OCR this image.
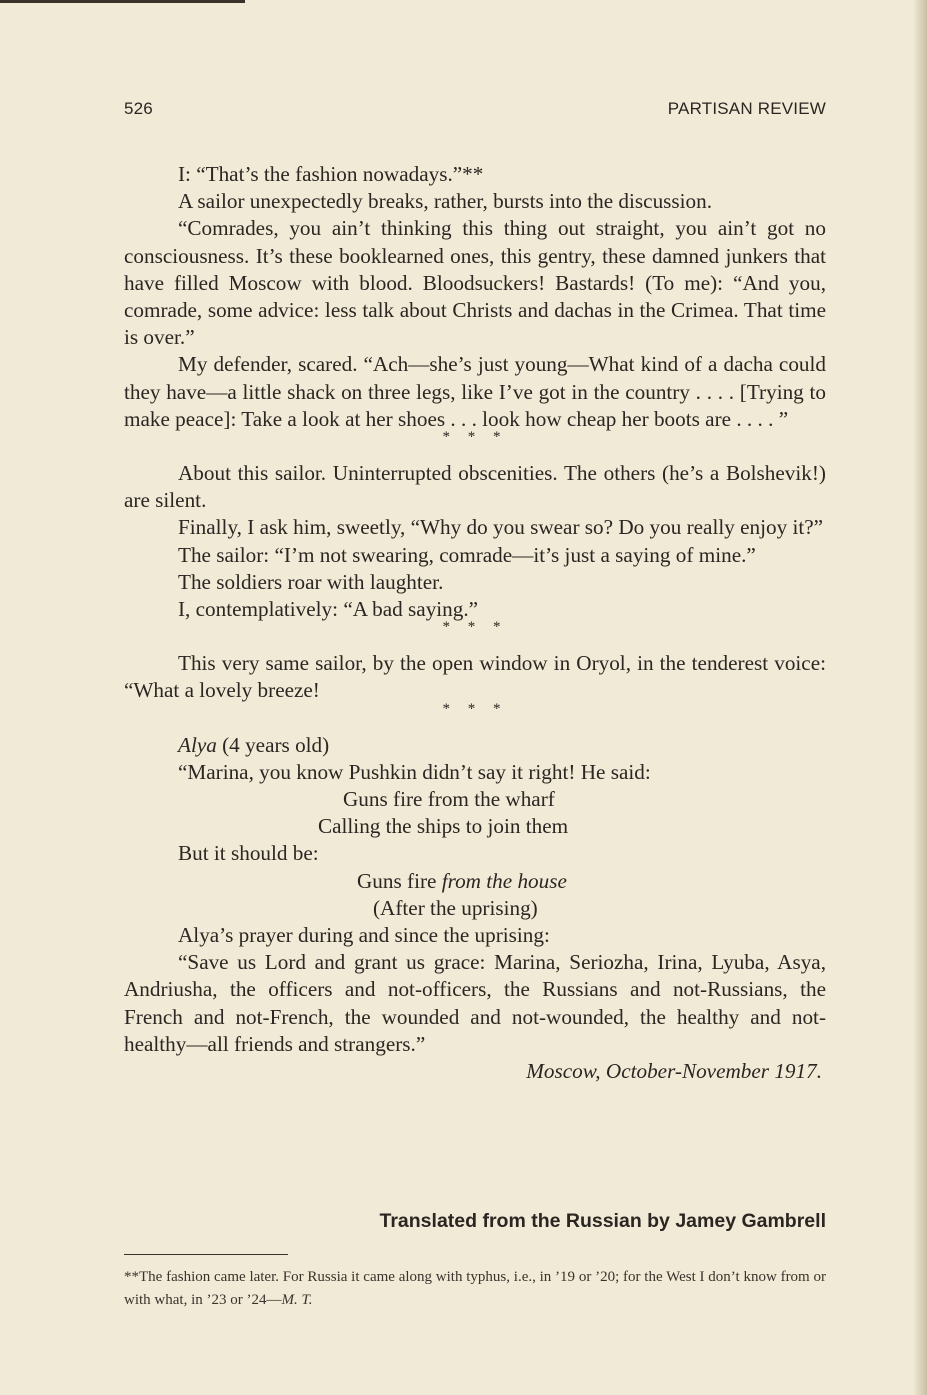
526	PARTISAN REVIEW

I: “That’s the fashion nowadays.”**

A sailor unexpectedly breaks, rather, bursts into the discussion.

“Comrades, you ain’t thinking this thing out straight, you ain’t got no consciousness. It’s these booklearned ones, this gentry, these damned junkers that have filled Moscow with blood. Bloodsuckers! Bastards! (To me): “And you, comrade, some advice: less talk about Christs and dachas in the Crimea. That time is over.”

My defender, scared. “Ach—she’s just young—What kind of a dacha could they have—a little shack on three legs, like I’ve got in the country . . . . [Trying to make peace]: Take a look at her shoes . . . look how cheap her boots are . . . . ”

* * *

About this sailor. Uninterrupted obscenities. The others (he’s a Bolshevik!) are silent.

Finally, I ask him, sweetly, “Why do you swear so? Do you really enjoy it?”

The sailor: “I’m not swearing, comrade—it’s just a saying of mine.”

The soldiers roar with laughter.

I, contemplatively: “A bad saying.”

* * *

This very same sailor, by the open window in Oryol, in the tenderest voice: “What a lovely breeze!

* * *

Alya (4 years old)

“Marina, you know Pushkin didn’t say it right! He said:

Guns fire from the wharf

Calling the ships to join them

But it should be:

Guns fire from the house

(After the uprising)

Alya’s prayer during and since the uprising:

“Save us Lord and grant us grace: Marina, Seriozha, Irina, Lyuba, Asya, Andriusha, the officers and not-officers, the Russians and not-Russians, the French and not-French, the wounded and not-wounded, the healthy and not-healthy—all friends and strangers.”

Moscow, October-November 1917.

Translated from the Russian by Jamey Gambrell
**The fashion came later. For Russia it came along with typhus, i.e., in ’19 or ’20; for the West I don’t know from or with what, in ’23 or ’24—M. T.
